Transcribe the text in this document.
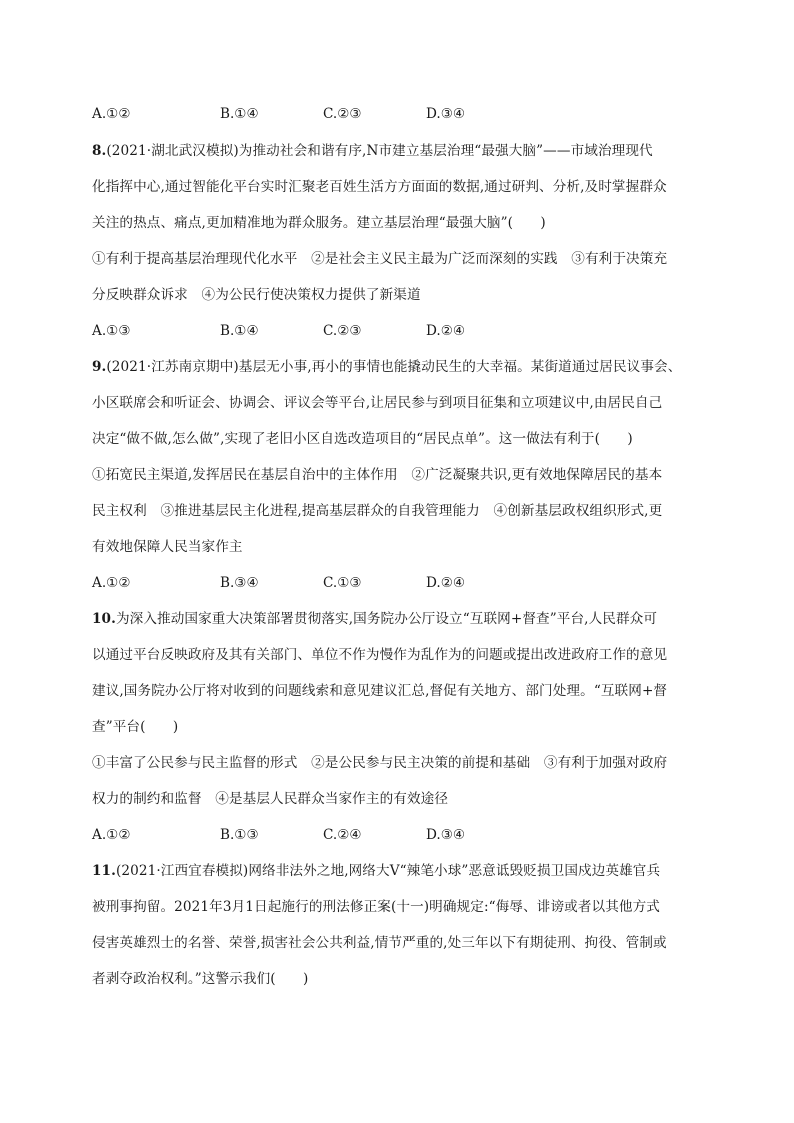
A.①②	B.①④	C.②③	D.③④
8.(2021·湖北武汉模拟)为推动社会和谐有序,N市建立基层治理“最强大脑”——市域治理现代
化指挥中心,通过智能化平台实时汇聚老百姓生活方方面面的数据,通过研判、分析,及时掌握群众
关注的热点、痛点,更加精准地为群众服务。建立基层治理“最强大脑”(　　)
①有利于提高基层治理现代化水平　②是社会主义民主最为广泛而深刻的实践　③有利于决策充
分反映群众诉求　④为公民行使决策权力提供了新渠道
A.①③	B.①④	C.②③	D.②④
9.(2021·江苏南京期中)基层无小事,再小的事情也能撬动民生的大幸福。某街道通过居民议事会、
小区联席会和听证会、协调会、评议会等平台,让居民参与到项目征集和立项建议中,由居民自己
决定“做不做,怎么做”,实现了老旧小区自选改造项目的“居民点单”。这一做法有利于(　　)
①拓宽民主渠道,发挥居民在基层自治中的主体作用　②广泛凝聚共识,更有效地保障居民的基本
民主权利　③推进基层民主化进程,提高基层群众的自我管理能力　④创新基层政权组织形式,更
有效地保障人民当家作主
A.①②	B.③④	C.①③	D.②④
10.为深入推动国家重大决策部署贯彻落实,国务院办公厅设立“互联网+督查”平台,人民群众可
以通过平台反映政府及其有关部门、单位不作为慢作为乱作为的问题或提出改进政府工作的意见
建议,国务院办公厅将对收到的问题线索和意见建议汇总,督促有关地方、部门处理。“互联网+督
查”平台(　　)
①丰富了公民参与民主监督的形式　②是公民参与民主决策的前提和基础　③有利于加强对政府
权力的制约和监督　④是基层人民群众当家作主的有效途径
A.①②	B.①③	C.②④	D.③④
11.(2021·江西宜春模拟)网络非法外之地,网络大V“辣笔小球”恶意诋毁贬损卫国戍边英雄官兵
被刑事拘留。2021年3月1日起施行的刑法修正案(十一)明确规定:“侮辱、诽谤或者以其他方式
侵害英雄烈士的名誉、荣誉,损害社会公共利益,情节严重的,处三年以下有期徒刑、拘役、管制或
者剥夺政治权利。”这警示我们(　　)
